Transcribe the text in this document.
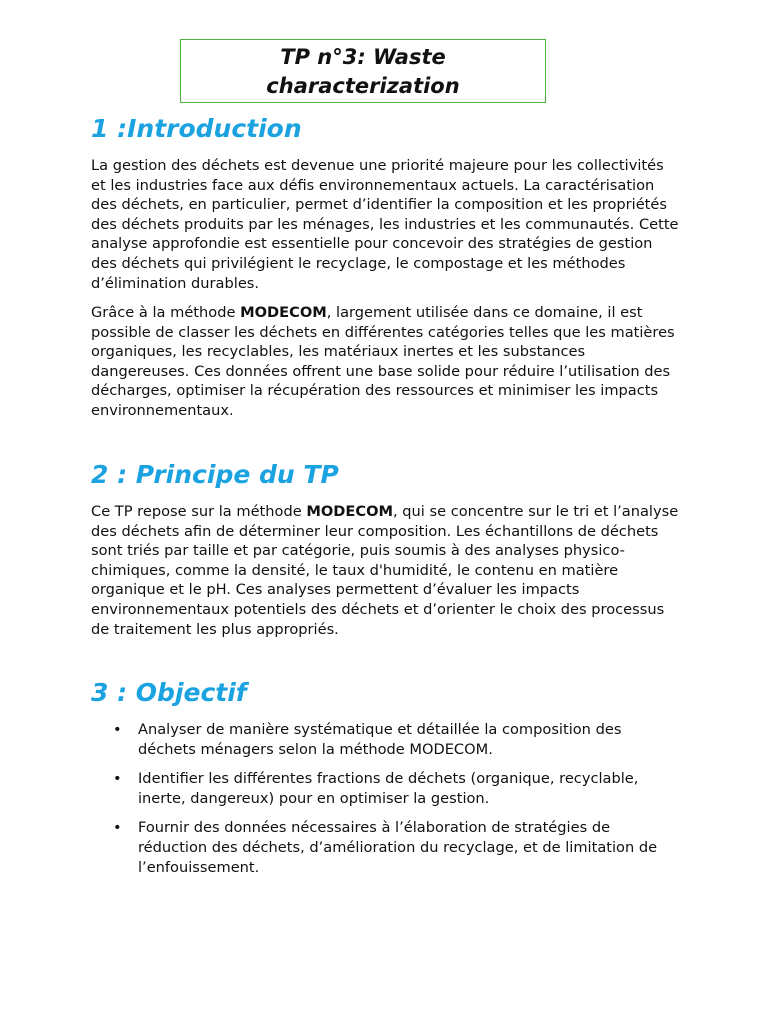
TP n°3: Waste characterization
1 :Introduction

La gestion des déchets est devenue une priorité majeure pour les collectivités et les industries face aux défis environnementaux actuels. La caractérisation des déchets, en particulier, permet d’identifier la composition et les propriétés des déchets produits par les ménages, les industries et les communautés. Cette analyse approfondie est essentielle pour concevoir des stratégies de gestion des déchets qui privilégient le recyclage, le compostage et les méthodes d’élimination durables.

Grâce à la méthode MODECOM, largement utilisée dans ce domaine, il est possible de classer les déchets en différentes catégories telles que les matières organiques, les recyclables, les matériaux inertes et les substances dangereuses. Ces données offrent une base solide pour réduire l’utilisation des décharges, optimiser la récupération des ressources et minimiser les impacts environnementaux.

2 : Principe du TP

Ce TP repose sur la méthode MODECOM, qui se concentre sur le tri et l’analyse des déchets afin de déterminer leur composition. Les échantillons de déchets sont triés par taille et par catégorie, puis soumis à des analyses physico-chimiques, comme la densité, le taux d'humidité, le contenu en matière organique et le pH. Ces analyses permettent d’évaluer les impacts environnementaux potentiels des déchets et d’orienter le choix des processus de traitement les plus appropriés.

3 : Objectif
• Analyser de manière systématique et détaillée la composition des déchets ménagers selon la méthode MODECOM.
• Identifier les différentes fractions de déchets (organique, recyclable, inerte, dangereux) pour en optimiser la gestion.
• Fournir des données nécessaires à l’élaboration de stratégies de réduction des déchets, d’amélioration du recyclage, et de limitation de l’enfouissement.
